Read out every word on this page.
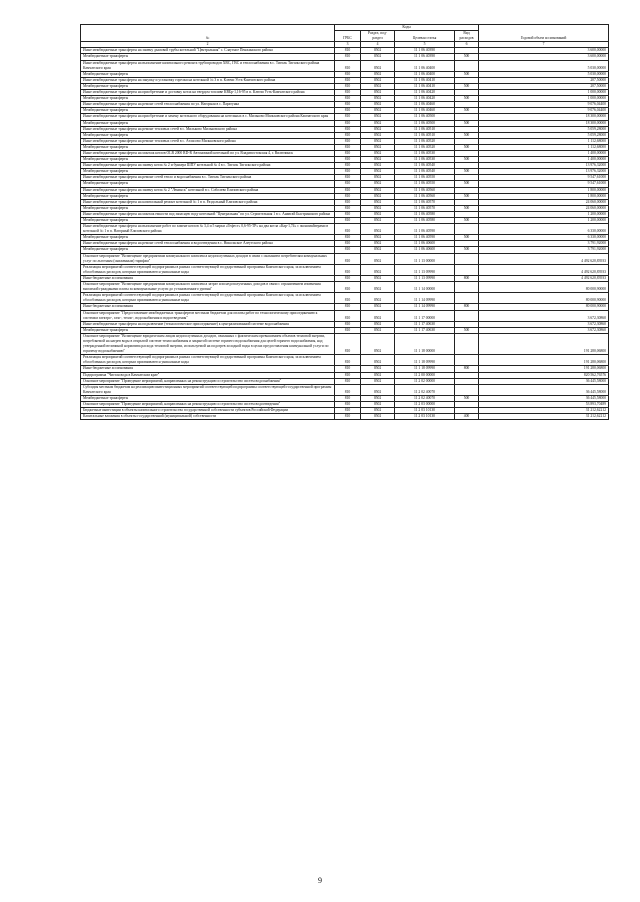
№	Коды				Годовой объем ассигнований
	ГРБС	Раздел, под-раздел	Целевая статья	Вид расходов	
2	3	4	5	6	7
Иные межбюджетные трансферты на замену дымовой трубы котельной "Центральная" с. Слаутное Пенжинского района	810	0502	11 1 06 40390		3 600,00000
Межбюджетные трансферты	810	0502	11 1 06 40390	500	3 600,00000
Иные межбюджетные трансферты на выполнение капитального ремонта трубопроводов ХВС, ГВС и теплоснабжения в с. Тигиль Тигильского района Камчатского края	810	0502	11 1 06 40400		5 030,00000
Межбюджетные трансферты	810	0502	11 1 06 40400	500	5 030,00000
Иные межбюджетные трансферты на закупку и установку горелки на котельной № 3 в п. Ключи Усть-Камчатского района	810	0502	11 1 06 40410		207,50000
Межбюджетные трансферты	810	0502	11 1 06 40410	500	207,50000
Иные межбюджетные трансферты на приобретение и доставку котла на твердом топливе КВБр-1,16-95 в п. Ключи Усть-Камчатского района	810	0502	11 1 06 40420		1 000,00000
Межбюджетные трансферты	810	0502	11 1 06 40420	500	1 000,00000
Иные межбюджетные трансферты на ремонт сетей теплоснабжения по ул. Нагорная в с. Паратунка	810	0502	11 1 06 40460		9 076,04400
Межбюджетные трансферты	810	0502	11 1 06 40460	500	9 076,04400
Иные межбюджетные трансферты на приобретение и замену котельного оборудования на котельных в с. Мильково Мильковского района Камчатского края	810	0502	11 1 06 40500		18 300,00000
Межбюджетные трансферты	810	0502	11 1 06 40500	500	18 300,00000
Иные межбюджетные трансферты на ремонт тепловых сетей в с. Мильково Мильковского района	810	0502	11 1 06 40510		5 059,28000
Межбюджетные трансферты	810	0502	11 1 06 40510	500	5 059,28000
Иные межбюджетные трансферты на ремонт тепловых сетей в с. Атласово Мильковского района	810	0502	11 1 06 40520		1 112,68000
Межбюджетные трансферты	810	0502	11 1 06 40520	500	1 112,68000
Иные межбюджетные трансферты на монтаж котлов OLB 2000 RD-R Автономной котельной по ул. Владивостокская 4, г. Вилючинск	810	0502	11 1 06 40530		1 400,00000
Межбюджетные трансферты	810	0502	11 1 06 40530	500	1 400,00000
Иные межбюджетные трансферты на замену котла № 2 и бункера ШПУ котельной № 4 в с. Тигиль Тигильского района	810	0502	11 1 06 40540		13 976,32000
Межбюджетные трансферты	810	0502	11 1 06 40540	500	13 976,32000
Иные межбюджетные трансферты на ремонт сетей тепло и водоснабжения в с. Тигиль Тигильского района	810	0502	11 1 06 40550		9 547,61000
Межбюджетные трансферты	810	0502	11 1 06 40550	500	9 547,61000
Иные межбюджетные трансферты на замену котла № 2 "Ленинск" котельной в с. Соболево Елизовского района	810	0502	11 1 06 40560		1 800,00000
Межбюджетные трансферты	810	0502	11 1 06 40560	500	1 800,00000
Иные межбюджетные трансферты на капитальный ремонт котельной № 1 в п. Раздольный Елизовского района	810	0502	11 1 06 40570		24 060,00000
Межбюджетные трансферты	810	0502	11 1 06 40570	500	24 060,00000
Иные межбюджетные трансферты на монтаж емкости под запасную воду котельной "Центральная" по ул. Строительная 1 в с. Анавгай Быстринского района	810	0502	11 1 06 40580		1 200,00000
Межбюджетные трансферты	810	0502	11 1 06 40580	500	1 200,00000
Иные межбюджетные трансферты на выполнение работ по замене котлов № 3,4 и 5 марки «Гефест» 0,6-95-ТР» на два котла «Кар-1,74» с экономайзерами в котельной № 1 в п. Нагорный Елизовского района	810	0502	11 1 06 40590		6 330,00000
Межбюджетные трансферты	810	0502	11 1 06 40590	500	6 330,00000
Иные межбюджетные трансферты на ремонт сетей теплоснабжения и водоотведения в с. Никольское Алеутского района	810	0502	11 1 06 40600		3 791,92000
Межбюджетные трансферты	810	0502	11 1 06 40600	500	3 791,92000
Основное мероприятие "Возмещение предприятиям коммунального комплекса недополученных доходов в связи с оказанием потребителям коммунальных услуг по льготным (сниженным) тарифам"	810	0502	11 1 13 00000		4 492 620,83933
Реализация мероприятий соответствующей подпрограммы в рамках соответствующей государственной программы Камчатского края, за исключением обособленных расходов, которым присваиваются уникальные коды	810	0502	11 1 13 09990		4 492 620,83933
Иные бюджетные ассигнования	810	0502	11 1 13 09990	800	4 492 620,83933
Основное мероприятие "Возмещение предприятиям коммунального комплекса затрат или недополученных доходов в связи с ограничением изменения вносимой гражданами платы за коммунальные услуги до установленного уровня"	810	0502	11 1 14 00000		80 000,90000
Реализация мероприятий соответствующей подпрограммы в рамках соответствующей государственной программы Камчатского края, за исключением обособленных расходов, которым присваиваются уникальные коды	810	0502	11 1 14 09990		80 000,90000
Иные бюджетные ассигнования	810	0502	11 1 14 09990	800	80 000,90000
Основное мероприятие "Предоставление межбюджетных трансфертов местным бюджетам для оплаты работ по технологическому присоединению к системам электро-, газо-, тепло-, водоснабжения и водоотведения"	810	0502	11 1 17 00000		3 672,30860
Иные межбюджетные трансферты на подключение (технологическое присоединение) к централизованной системе водоснабжения	810	0502	11 1 17 40630		3 672,30860
Межбюджетные трансферты	810	0502	11 1 17 40630	500	3 672,30860
Основное мероприятие "Возмещение юридическим лицам недополученных доходов, связанных с фактическим превышением объемов тепловой энергии, потребляемой на нагрев воды в открытой системе теплоснабжения и закрытой системе горячего водоснабжения для целей горячего водоснабжения, над утвержденной величиной норматива расхода тепловой энергии, используемой на подогрев холодной воды в целях предоставления коммунальной услуги по горячему водоснабжению"	810	0502	11 1 18 00000		191 280,06800
Реализация мероприятий соответствующей подпрограммы в рамках соответствующей государственной программы Камчатского края, за исключением обособленных расходов, которым присваиваются уникальные коды	810	0502	11 1 18 09990		191 280,06800
Иные бюджетные ассигнования	810	0502	11 1 18 09990	800	191 280,06800
Подпрограмма "Чистая вода в Камчатском крае"	810	0502	11 2 00 00000		820 562,76576
Основное мероприятие "Проведение мероприятий, направленных на реконструкцию и строительство систем водоснабжения"	810	0502	11 2 02 00000		36 445,58000
Субсидия местным бюджетам на реализацию инвестиционных мероприятий соответствующей подпрограммы соответствующей государственной программы Камчатского края	810	0502	11 2 02 40070		36 445,58000
Межбюджетные трансферты	810	0502	11 2 02 40070	500	36 445,58000
Основное мероприятие "Проведение мероприятий, направленных на реконструкцию и строительство систем водоотведения"	810	0502	11 2 03 00000		53 893,70489
Бюджетные инвестиции в объекты капитального строительства государственной собственности субъектов Российской Федерации	810	0502	11 2 03 10130		31 212,62212
Капитальные вложения в объекты государственной (муниципальной) собственности	810	0502	11 2 03 10130	400	31 212,62212
9
